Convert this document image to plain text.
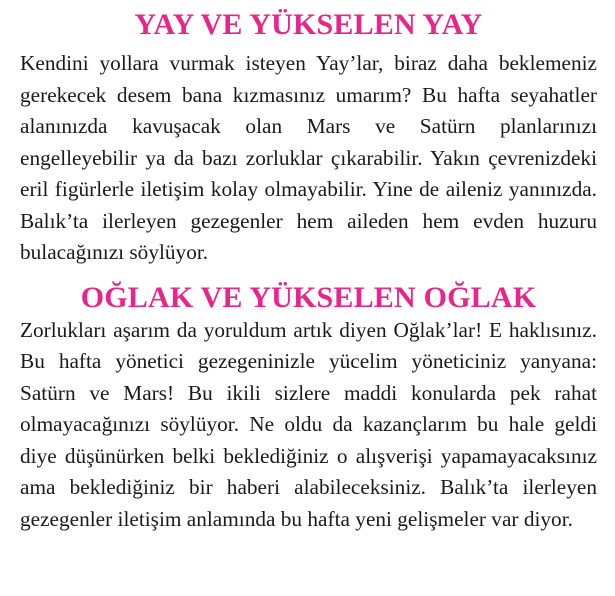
YAY VE YÜKSELEN YAY

Kendini yollara vurmak isteyen Yay’lar, biraz daha beklemeniz gerekecek desem bana kızmasınız umarım? Bu hafta seyahatler alanınızda kavuşacak olan Mars ve Satürn planlarınızı engelleyebilir ya da bazı zorluklar çıkarabilir. Yakın çevrenizdeki eril figürlerle iletişim kolay olmayabilir. Yine de aileniz yanınızda. Balık’ta ilerleyen gezegenler hem aileden hem evden huzuru bulacağınızı söylüyor.

OĞLAK VE YÜKSELEN OĞLAK

Zorlukları aşarım da yoruldum artık diyen Oğlak’lar! E haklısınız. Bu hafta yönetici gezegeninizle yücelim yöneticiniz yanyana: Satürn ve Mars! Bu ikili sizlere maddi konularda pek rahat olmayacağınızı söylüyor. Ne oldu da kazançlarım bu hale geldi diye düşünürken belki beklediğiniz o alışverişi yapamayacaksınız ama beklediğiniz bir haberi alabileceksiniz. Balık’ta ilerleyen gezegenler iletişim anlamında bu hafta yeni gelişmeler var diyor.
